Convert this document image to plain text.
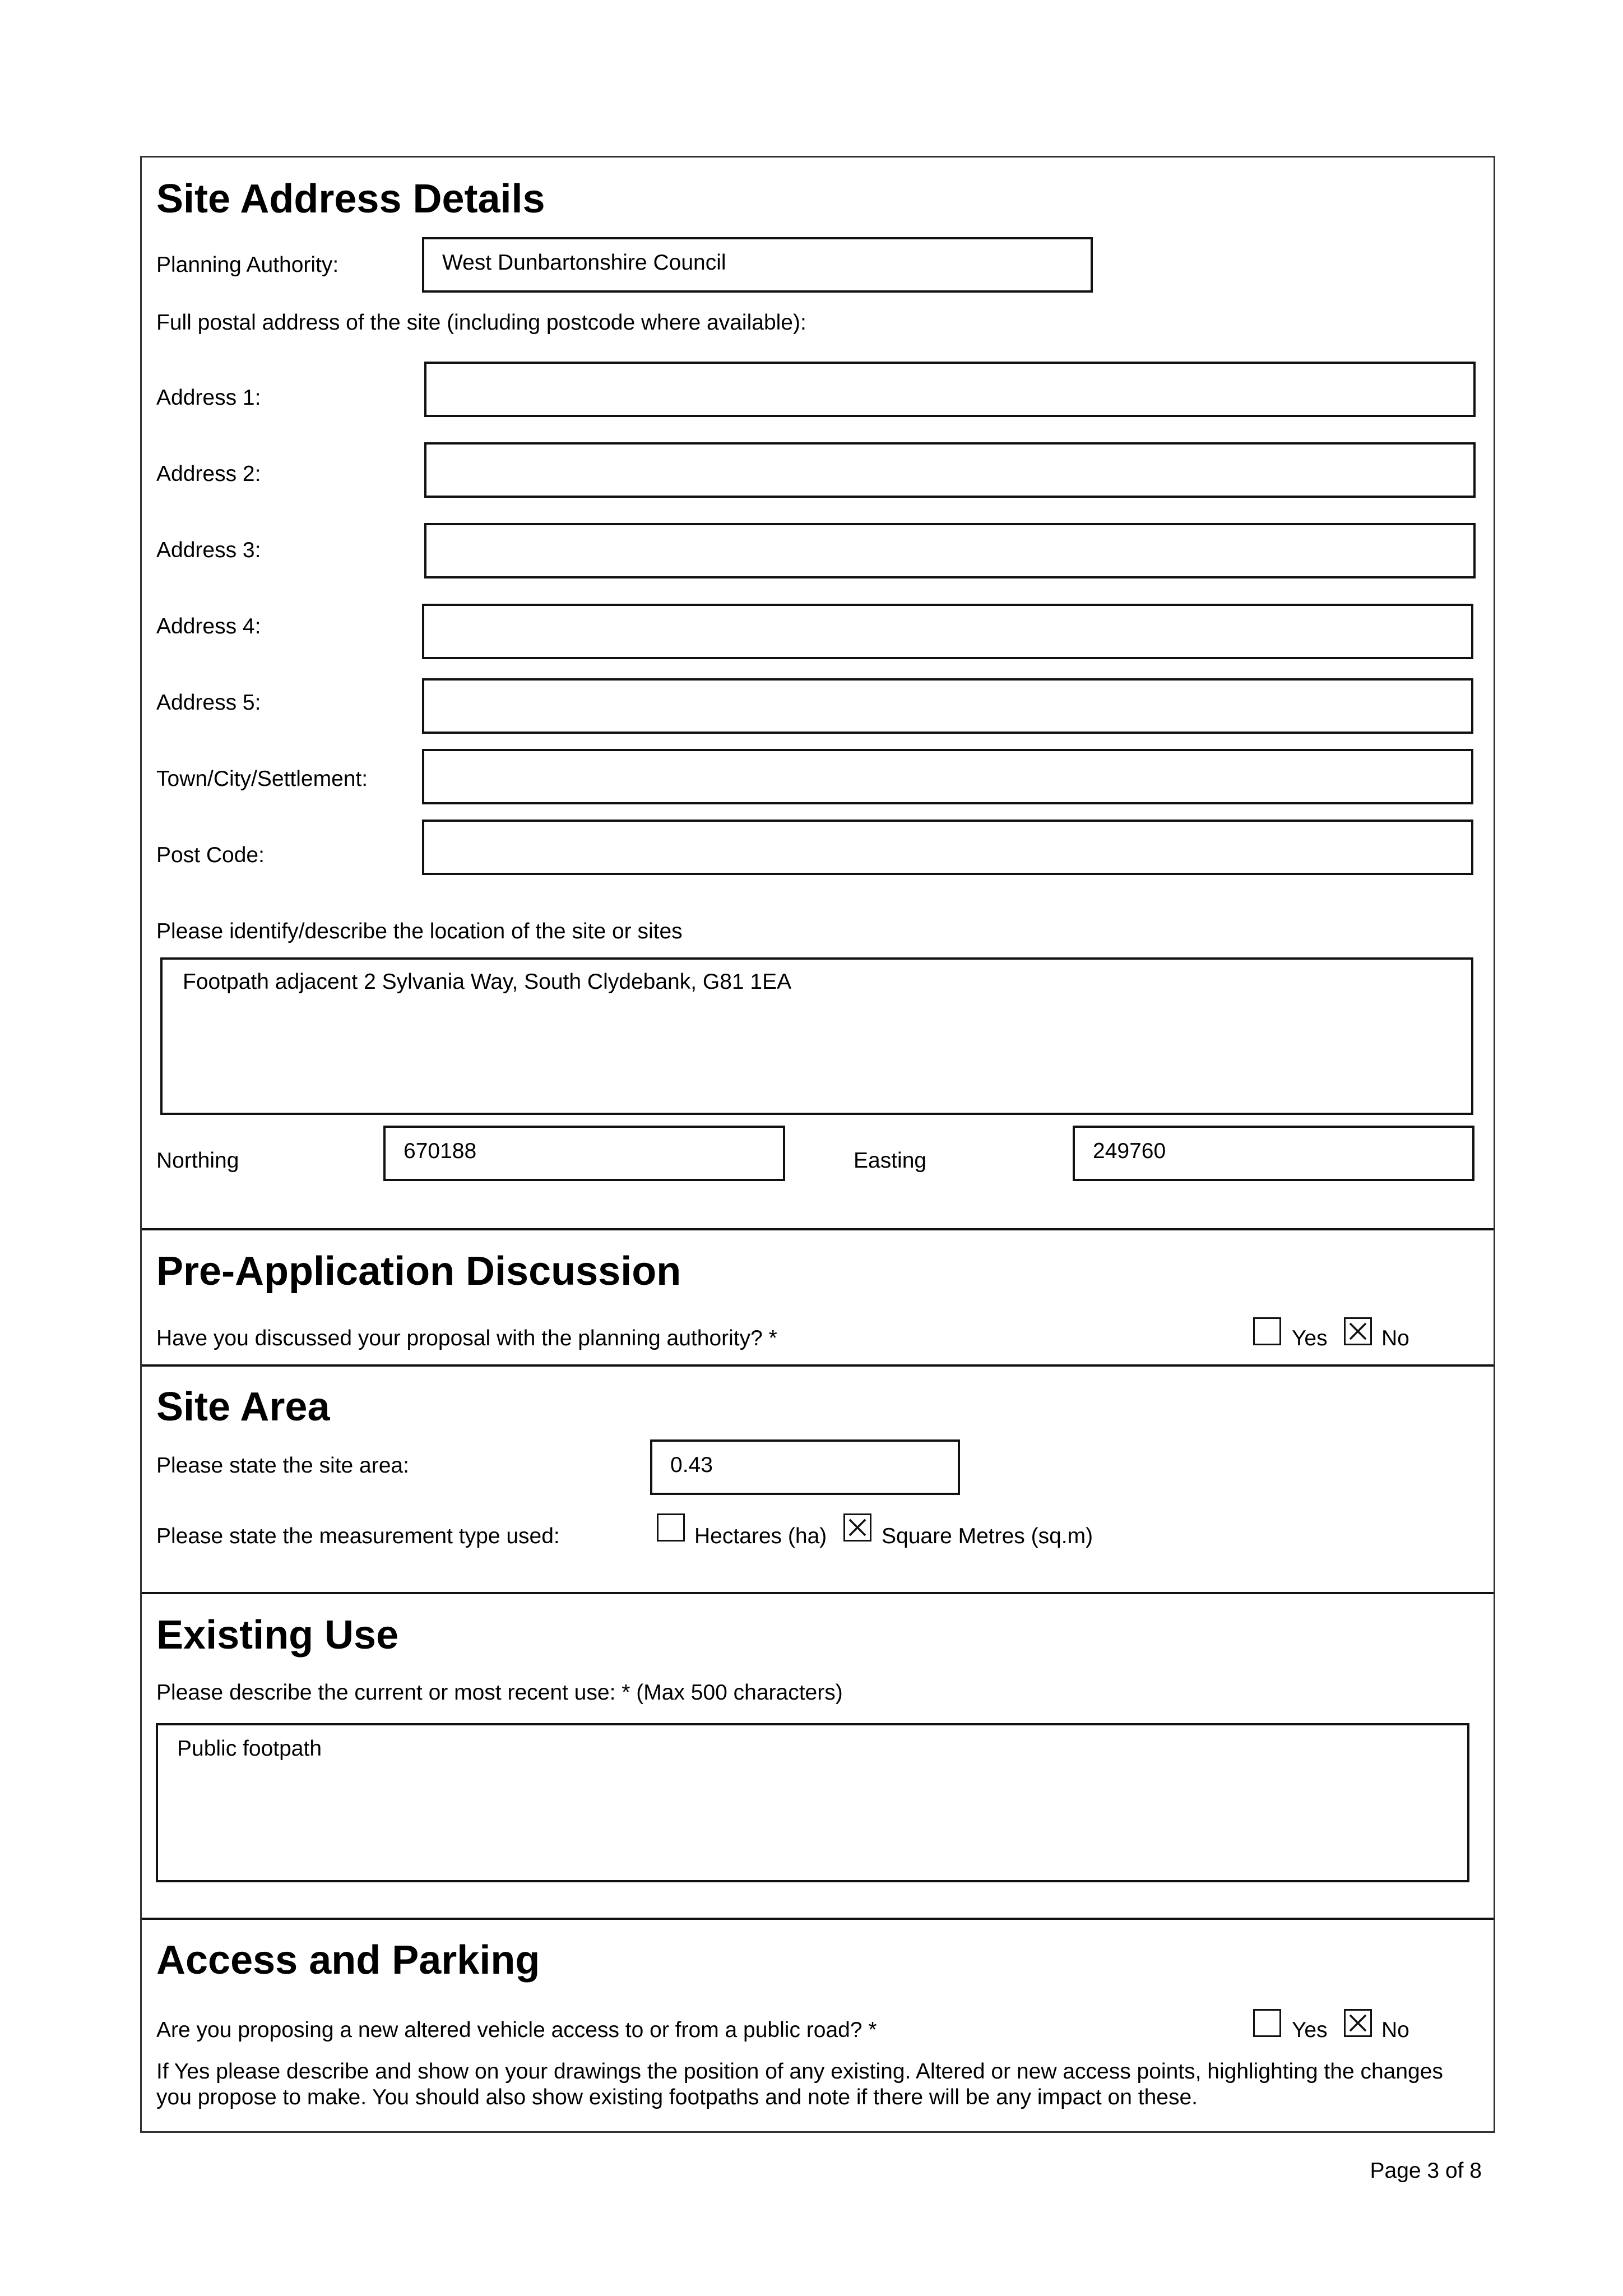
Site Address Details
Planning Authority:	West Dunbartonshire Council
Full postal address of the site (including postcode where available):
Address 1:
Address 2:
Address 3:
Address 4:
Address 5:
Town/City/Settlement:
Post Code:
Please identify/describe the location of the site or sites
Footpath adjacent 2 Sylvania Way, South Clydebank, G81 1EA
Northing	670188	Easting	249760
Pre-Application Discussion
Have you discussed your proposal with the planning authority? *	Yes No
Site Area
Please state the site area:	0.43
Please state the measurement type used:	Hectares (ha)	Square Metres (sq.m)
Existing Use
Please describe the current or most recent use: * (Max 500 characters)
Public footpath
Access and Parking
Are you proposing a new altered vehicle access to or from a public road? *	Yes No
If Yes please describe and show on your drawings the position of any existing. Altered or new access points, highlighting the changes
you propose to make. You should also show existing footpaths and note if there will be any impact on these.
Page 3 of 8
